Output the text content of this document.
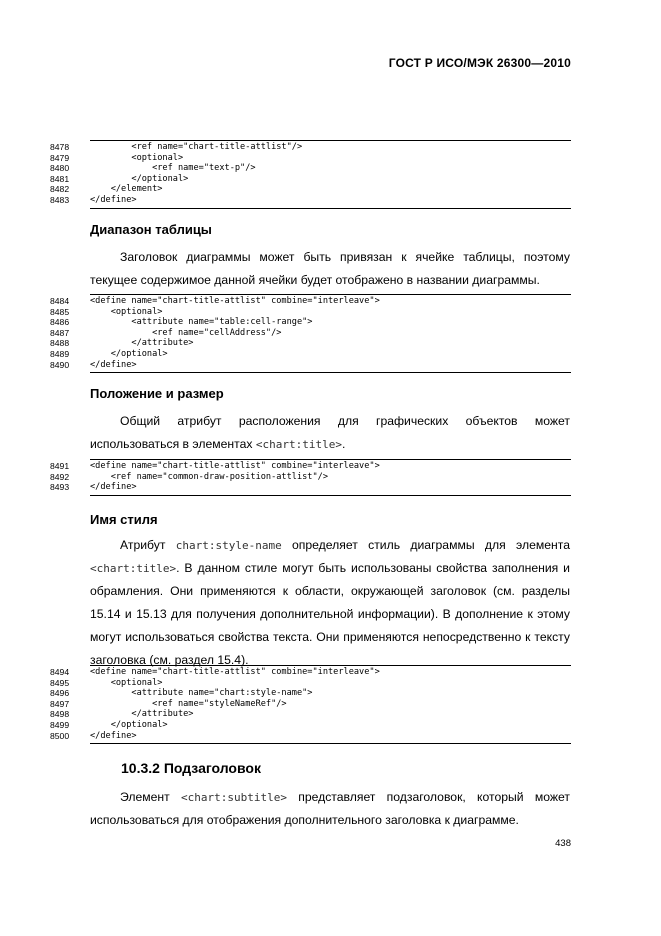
ГОСТ Р ИСО/МЭК 26300—2010
8478	<ref name="chart-title-attlist"/>
8479	<optional>
8480	<ref name="text-p"/>
8481	</optional>
8482	</element>
8483	</define>
Диапазон таблицы
Заголовок диаграммы может быть привязан к ячейке таблицы, поэтому текущее содержимое данной ячейки будет отображено в названии диаграммы.
8484	<define name="chart-title-attlist" combine="interleave">
8485	<optional>
8486	<attribute name="table:cell-range">
8487	<ref name="cellAddress"/>
8488	</attribute>
8489	</optional>
8490	</define>
Положение и размер
Общий атрибут расположения для графических объектов может использоваться в элементах <chart:title>.
8491	<define name="chart-title-attlist" combine="interleave">
8492	<ref name="common-draw-position-attlist"/>
8493	</define>
Имя стиля
Атрибут chart:style-name определяет стиль диаграммы для элемента <chart:title>. В данном стиле могут быть использованы свойства заполнения и обрамления. Они применяются к области, окружающей заголовок (см. разделы 15.14 и 15.13 для получения дополнительной информации). В дополнение к этому могут использоваться свойства текста. Они применяются непосредственно к тексту заголовка (см. раздел 15.4).
8494	<define name="chart-title-attlist" combine="interleave">
8495	<optional>
8496	<attribute name="chart:style-name">
8497	<ref name="styleNameRef"/>
8498	</attribute>
8499	</optional>
8500	</define>
10.3.2 Подзаголовок
Элемент <chart:subtitle> представляет подзаголовок, который может использоваться для отображения дополнительного заголовка к диаграмме.
438
